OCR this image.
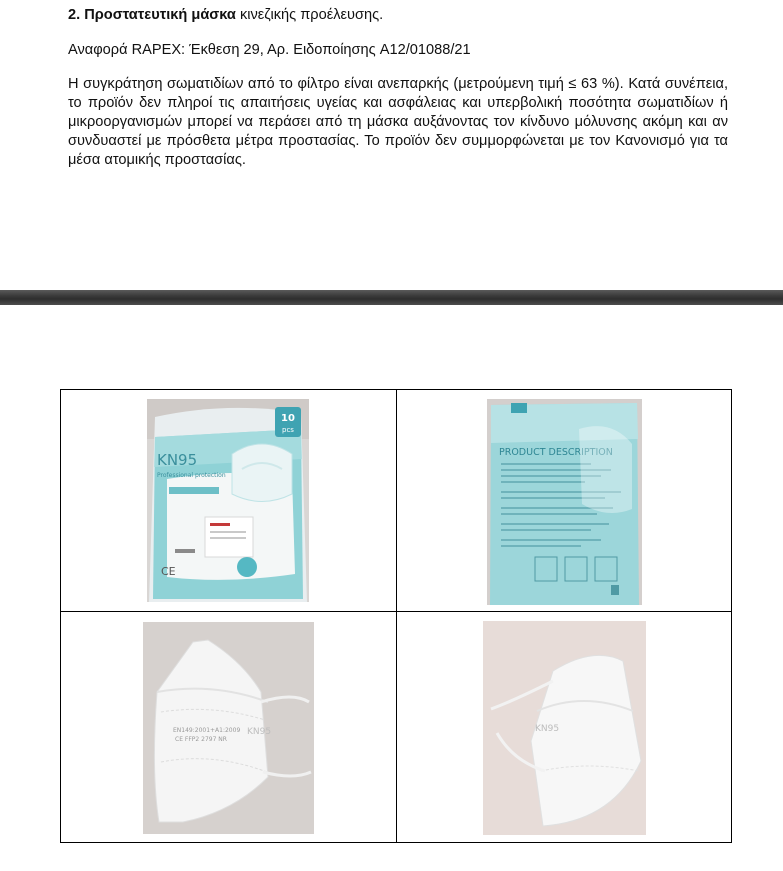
2. Προστατευτική μάσκα κινεζικής προέλευσης.

Αναφορά RAPEX: Έκθεση 29, Αρ. Ειδοποίησης A12/01088/21

Η συγκράτηση σωματιδίων από το φίλτρο είναι ανεπαρκής (μετρούμενη τιμή ≤ 63 %). Κατά συνέπεια, το προϊόν δεν πληροί τις απαιτήσεις υγείας και ασφάλειας και υπερβολική ποσότητα σωματιδίων ή μικροοργανισμών μπορεί να περάσει από τη μάσκα αυξάνοντας τον κίνδυνο μόλυνσης ακόμη και αν συνδυαστεί με πρόσθετα μέτρα προστασίας. Το προϊόν δεν συμμορφώνεται με τον Κανονισμό για τα μέσα ατομικής προστασίας.

10
pcs
KN95
Professional protection
CE
PRODUCT DESCRIPTION
EN149:2001+A1:2009
CE FFP2 2797 NR
KN95	KN95
